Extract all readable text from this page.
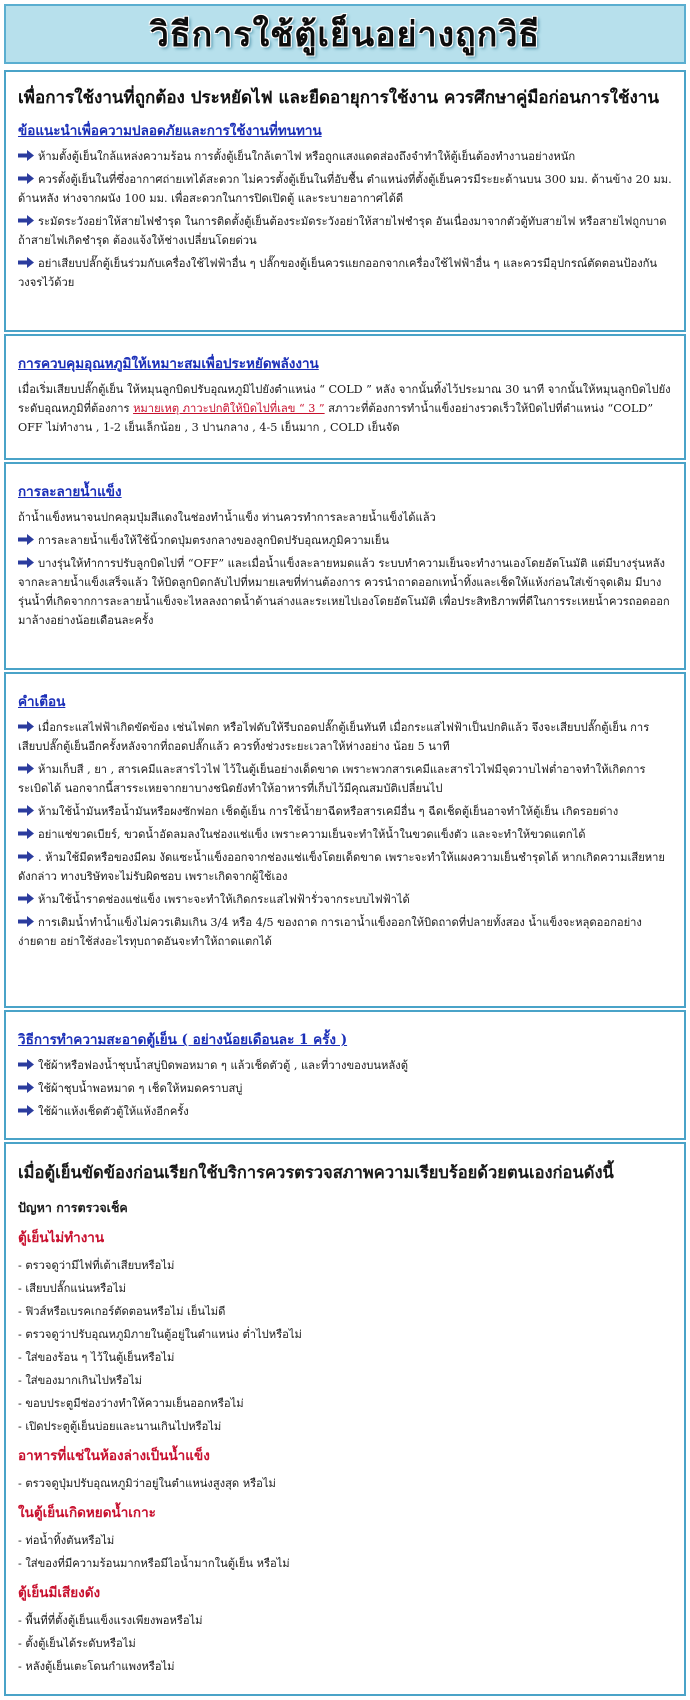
วิธีการใช้ตู้เย็นอย่างถูกวิธี
เพื่อการใช้งานที่ถูกต้อง ประหยัดไฟ และยืดอายุการใช้งาน ควรศึกษาคู่มือก่อนการใช้งาน
ข้อแนะนำเพื่อความปลอดภัยและการใช้งานที่ทนทาน

ห้ามตั้งตู้เย็นใกล้แหล่งความร้อน การตั้งตู้เย็นใกล้เตาไฟ หรือถูกแสงแดดส่องถึงจำทำให้ตู้เย็นต้องทำงานอย่างหนัก

ควรตั้งตู้เย็นในที่ซึ่งอากาศถ่ายเทได้สะดวก ไม่ควรตั้งตู้เย็นในที่อับชื้น ตำแหน่งที่ตั้งตู้เย็นควรมีระยะด้านบน 300 มม. ด้านข้าง 20 มม. ด้านหลัง ห่างจากผนัง 100 มม. เพื่อสะดวกในการปิดเปิดตู้ และระบายอากาศได้ดี

ระมัดระวังอย่าให้สายไฟชำรุด ในการติดตั้งตู้เย็นต้องระมัดระวังอย่าให้สายไฟชำรุด อันเนื่องมาจากตัวตู้ทับสายไฟ หรือสายไฟถูกบาด ถ้าสายไฟเกิดชำรุด ต้องแจ้งให้ช่างเปลี่ยนโดยด่วน

อย่าเสียบปลั๊กตู้เย็นร่วมกับเครื่องใช้ไฟฟ้าอื่น ๆ ปลั๊กของตู้เย็นควรแยกออกจากเครื่องใช้ไฟฟ้าอื่น ๆ และควรมีอุปกรณ์ตัดตอนป้องกันวงจรไว้ด้วย

การควบคุมอุณหภูมิให้เหมาะสมเพื่อประหยัดพลังงาน

เมื่อเริ่มเสียบปลั๊กตู้เย็น ให้หมุนลูกบิดปรับอุณหภูมิไปยังตำแหน่ง “ COLD ” หลัง จากนั้นทิ้งไว้ประมาณ 30 นาที จากนั้นให้หมุนลูกบิดไปยังระดับอุณหภูมิที่ต้องการ หมายเหตุ ภาวะปกติให้บิดไปที่เลข “ 3 ” สภาวะที่ต้องการทำน้ำแข็งอย่างรวดเร็วให้บิดไปที่ตำแหน่ง “COLD” OFF ไม่ทำงาน , 1-2 เย็นเล็กน้อย , 3 ปานกลาง , 4-5 เย็นมาก , COLD เย็นจัด

การละลายน้ำแข็ง

ถ้าน้ำแข็งหนาจนปกคลุมปุ่มสีแดงในช่องทำน้ำแข็ง ท่านควรทำการละลายน้ำแข็งได้แล้ว

การละลายน้ำแข็งให้ใช้นิ้วกดปุ่มตรงกลางของลูกบิดปรับอุณหภูมิความเย็น

บางรุ่นให้ทำการปรับลูกบิดไปที่ “OFF” และเมื่อน้ำแข็งละลายหมดแล้ว ระบบทำความเย็นจะทำงานเองโดยอัตโนมัติ แต่มีบางรุ่นหลังจากละลายน้ำแข็งเสร็จแล้ว ให้บิดลูกบิดกลับไปที่หมายเลขที่ท่านต้องการ ควรนำถาดออกเทน้ำทิ้งและเช็ดให้แห้งก่อนใส่เข้าจุดเดิม มีบางรุ่นน้ำที่เกิดจากการละลายน้ำแข็งจะไหลลงถาดน้ำด้านล่างและระเหยไปเองโดยอัตโนมัติ เพื่อประสิทธิภาพที่ดีในการระเหยน้ำควรถอดออกมาล้างอย่างน้อยเดือนละครั้ง

คำเตือน

เมื่อกระแสไฟฟ้าเกิดขัดข้อง เช่นไฟตก หรือไฟดับให้รีบถอดปลั๊กตู้เย็นทันที เมื่อกระแสไฟฟ้าเป็นปกติแล้ว จึงจะเสียบปลั๊กตู้เย็น การเสียบปลั๊กตู้เย็นอีกครั้งหลังจากที่ถอดปลั๊กแล้ว ควรทิ้งช่วงระยะเวลาให้ห่างอย่าง น้อย 5 นาที

ห้ามเก็บสี , ยา , สารเคมีและสารไวไฟ ไว้ในตู้เย็นอย่างเด็ดขาด เพราะพวกสารเคมีและสารไวไฟมีจุดวาบไฟต่ำอาจทำให้เกิดการระเบิดได้ นอกจากนี้สารระเหยจากยาบางชนิดยังทำให้อาหารที่เก็บไว้มีคุณสมบัติเปลี่ยนไป

ห้ามใช้น้ำมันหรือน้ำมันหรือผงซักฟอก เช็ดตู้เย็น การใช้น้ำยาฉีดหรือสารเคมีอื่น ๆ ฉีดเช็ดตู้เย็นอาจทำให้ตู้เย็น เกิดรอยด่าง

อย่าแช่ขวดเบียร์, ขวดน้ำอัดลมลงในช่องแช่แข็ง เพราะความเย็นจะทำให้น้ำในขวดแข็งตัว และจะทำให้ขวดแตกได้

. ห้ามใช้มีดหรือของมีคม งัดแซะน้ำแข็งออกจากช่องแช่แข็งโดยเด็ดขาด เพราะจะทำให้แผงความเย็นชำรุดได้ หากเกิดความเสียหายดังกล่าว ทางบริษัทจะไม่รับผิดชอบ เพราะเกิดจากผู้ใช้เอง

ห้ามใช้น้ำราดช่องแช่แข็ง เพราะจะทำให้เกิดกระแสไฟฟ้ารั่วจากระบบไฟฟ้าได้

การเติมน้ำทำน้ำแข็งไม่ควรเติมเกิน 3/4 หรือ 4/5 ของถาด การเอาน้ำแข็งออกให้บิดถาดที่ปลายทั้งสอง น้ำแข็งจะหลุดออกอย่างง่ายดาย อย่าใช้ส่งอะไรทุบถาดอันจะทำให้ถาดแตกได้

วิธีการทำความสะอาดตู้เย็น ( อย่างน้อยเดือนละ 1 ครั้ง )

ใช้ผ้าหรือฟองน้ำชุบน้ำสบู่บิดพอหมาด ๆ แล้วเช็ดตัวตู้ , และที่วางของบนหลังตู้

ใช้ผ้าชุบน้ำพอหมาด ๆ เช็ดให้หมดคราบสบู่

ใช้ผ้าแห้งเช็ดตัวตู้ให้แห้งอีกครั้ง

เมื่อตู้เย็นขัดข้องก่อนเรียกใช้บริการควรตรวจสภาพความเรียบร้อยด้วยตนเองก่อนดังนี้
ปัญหา การตรวจเช็ค
ตู้เย็นไม่ทำงาน
- ตรวจดูว่ามีไฟที่เต้าเสียบหรือไม่
- เสียบปลั๊กแน่นหรือไม่
- ฟิวส์หรือเบรคเกอร์ตัดตอนหรือไม่ เย็นไม่ดี
- ตรวจดูว่าปรับอุณหภูมิภายในตู้อยู่ในตำแหน่ง ต่ำไปหรือไม่
- ใส่ของร้อน ๆ ไว้ในตู้เย็นหรือไม่
- ใส่ของมากเกินไปหรือไม่
- ขอบประตูมีช่องว่างทำให้ความเย็นออกหรือไม่
- เปิดประตูตู้เย็นบ่อยและนานเกินไปหรือไม่
อาหารที่แช่ในห้องล่างเป็นน้ำแข็ง
- ตรวจดูปุ่มปรับอุณหภูมิว่าอยู่ในตำแหน่งสูงสุด หรือไม่
ในตู้เย็นเกิดหยดน้ำเกาะ
- ท่อน้ำทิ้งตันหรือไม่
- ใส่ของที่มีความร้อนมากหรือมีไอน้ำมากในตู้เย็น หรือไม่
ตู้เย็นมีเสียงดัง
- พื้นที่ที่ตั้งตู้เย็นแข็งแรงเพียงพอหรือไม่
- ตั้งตู้เย็นได้ระดับหรือไม่
- หลังตู้เย็นเตะโดนกำแพงหรือไม่
